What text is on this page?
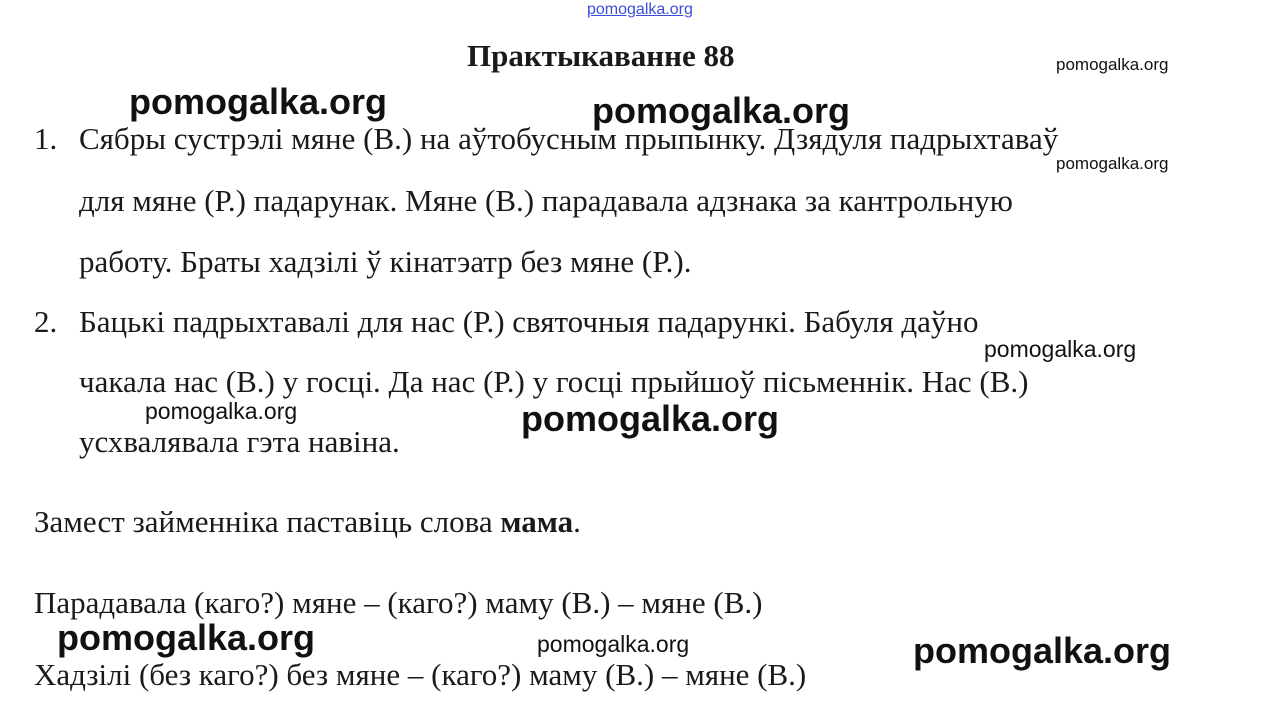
pomogalka.org
Практыкаванне 88
1. Сябры сустрэлі мяне (В.) на аўтобусным прыпынку. Дзядуля падрыхтаваў
для мяне (Р.) падарунак. Мяне (В.) парадавала адзнака за кантрольную
работу. Браты хадзілі ў кінатэатр без мяне (Р.).
2. Бацькі падрыхтавалі для нас (Р.) святочныя падарункі. Бабуля даўно
чакала нас (В.) у госці. Да нас (Р.) у госці прыйшоў пісьменнік. Нас (В.)
усхвалявала гэта навіна.
Замест займенніка паставіць слова мама.
Парадавала (каго?) мяне – (каго?) маму (В.) – мяне (В.)
Хадзілі (без каго?) без мяне – (каго?) маму (В.) – мяне (В.)
pomogalka.org
pomogalka.org	pomogalka.org
pomogalka.org
pomogalka.org
pomogalka.org	pomogalka.org
pomogalka.org	pomogalka.org	pomogalka.org
